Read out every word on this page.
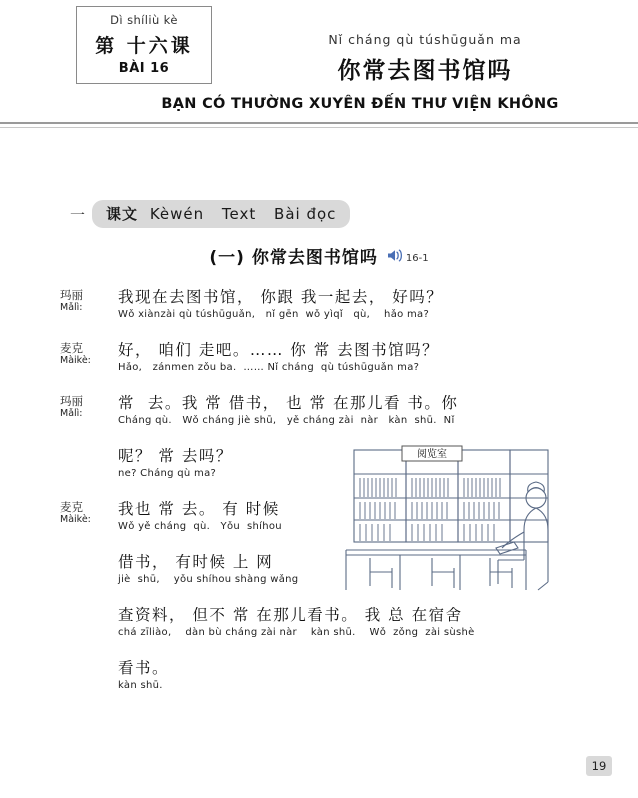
Dì shíliù kè
第 十六课
BÀI 16
Nǐ cháng qù túshūguǎn ma
你常去图书馆吗
BẠN CÓ THƯỜNG XUYÊN ĐẾN THƯ VIỆN KHÔNG
一	课文 Kèwén Text Bài đọc
(一) 你常去图书馆吗	16-1
玛丽
Mǎlì:
我现在去图书馆， 你跟 我一起去， 好吗？
Wǒ xiànzài qù túshūguǎn,   nǐ gēn  wǒ yìqǐ   qù,    hǎo ma?
麦克
Màikè:
好， 咱们 走吧。…… 你 常 去图书馆吗？
Hǎo,   zánmen zǒu ba.  …… Nǐ cháng  qù túshūguǎn ma?
玛丽
Mǎlì:
常  去。我 常 借书， 也 常 在那儿看 书。你
Cháng qù.   Wǒ cháng jiè shū,   yě cháng zài  nàr   kàn  shū.  Nǐ
呢？ 常 去吗？
ne? Cháng qù ma?
麦克
Màikè:
我也 常 去。 有 时候
Wǒ yě cháng  qù.   Yǒu  shíhou
借书， 有时候 上 网
jiè  shū,    yǒu shíhou shàng wǎng
查资料， 但不 常 在那儿看书。 我 总 在宿舍
chá zīliào,    dàn bù cháng zài nàr    kàn shū.    Wǒ  zǒng  zài sùshè
看书。
kàn shū.
阅览室
19
